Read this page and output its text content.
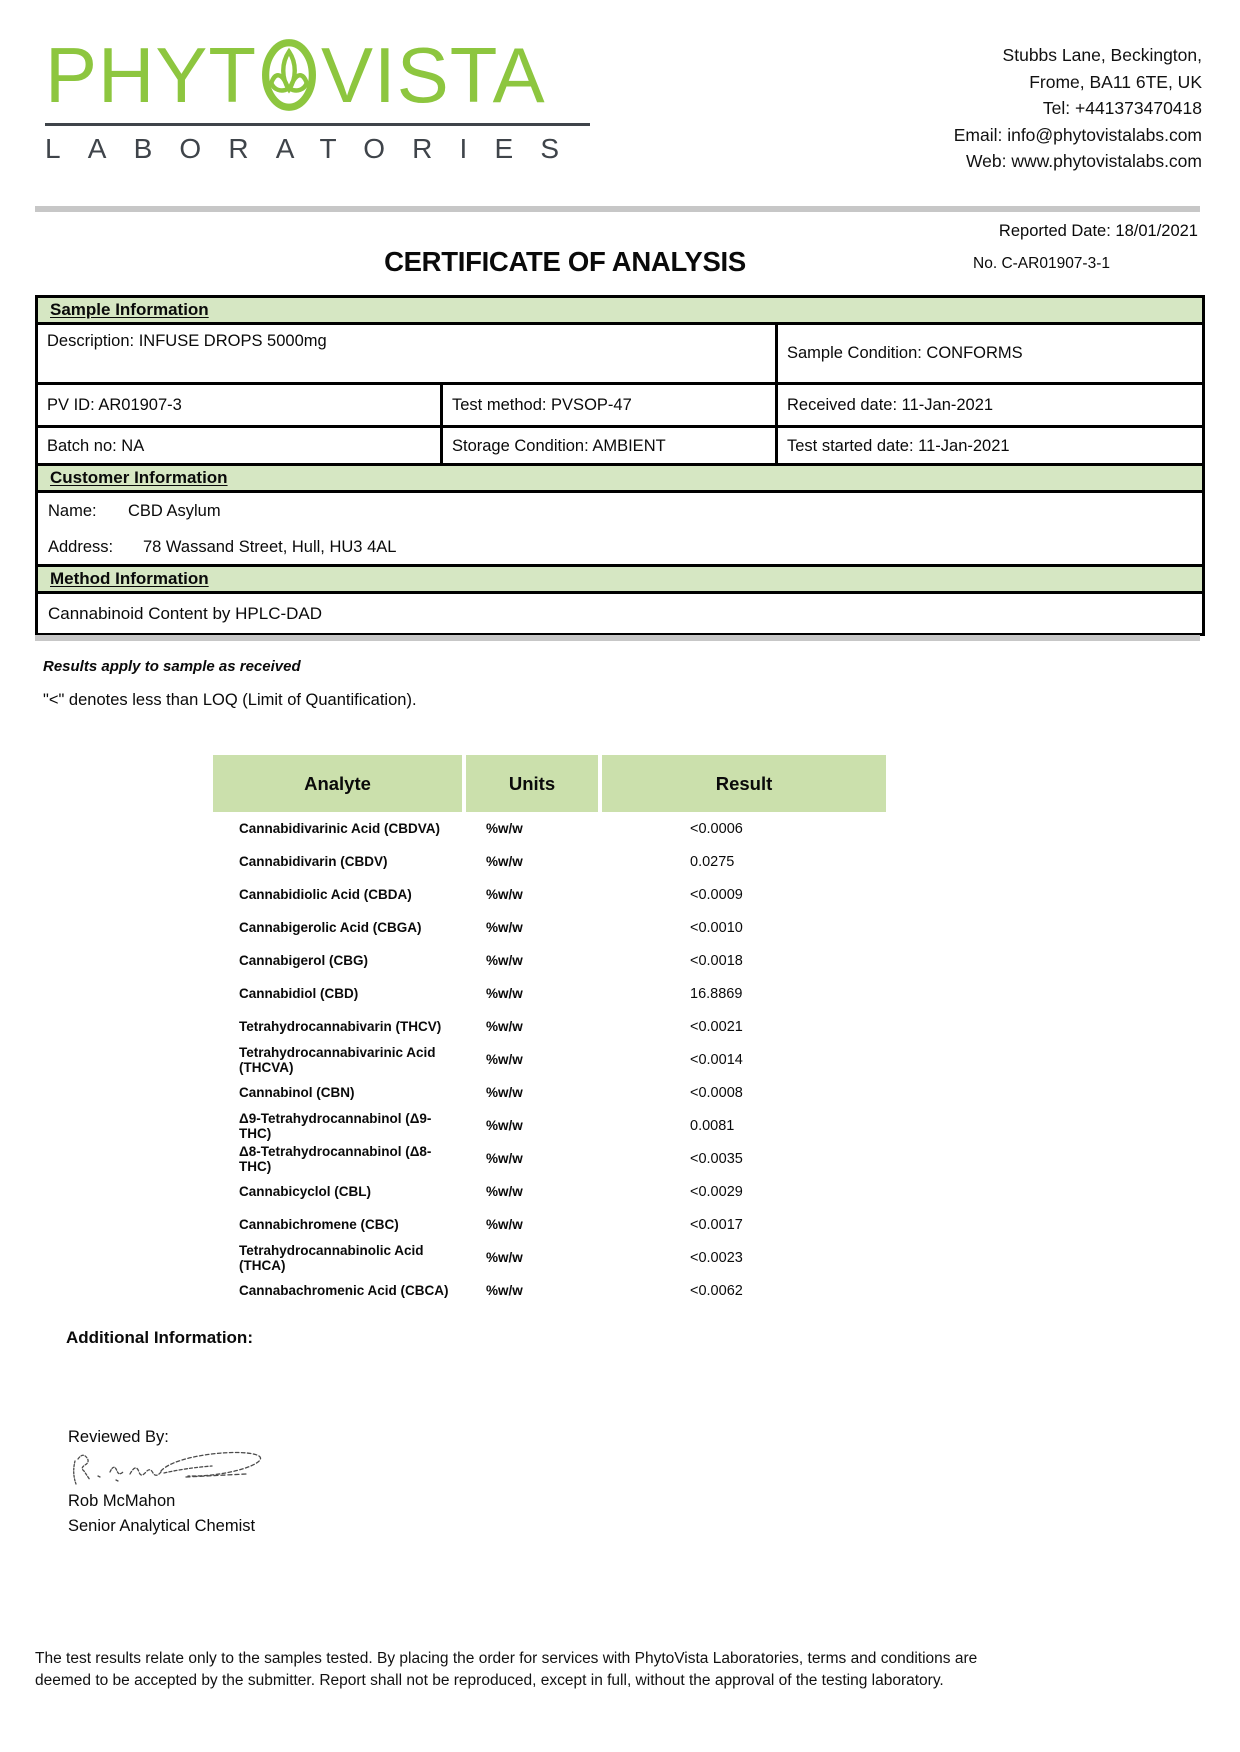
PHYT VISTA
LABORATORIES
Stubbs Lane, Beckington,
Frome, BA11 6TE, UK
Tel: +441373470418
Email: info@phytovistalabs.com
Web: www.phytovistalabs.com
Reported Date: 18/01/2021
CERTIFICATE OF ANALYSIS	No. C-AR01907-3-1
Sample Information
Description: INFUSE DROPS 5000mg
Sample Condition: CONFORMS
PV ID: AR01907-3	Test method: PVSOP-47	Received date: 11-Jan-2021
Batch no: NA	Storage Condition: AMBIENT	Test started date: 11-Jan-2021
Customer Information
Name: CBD Asylum
Address: 78 Wassand Street, Hull, HU3 4AL
Method Information
Cannabinoid Content by HPLC-DAD
Results apply to sample as received
"<" denotes less than LOQ (Limit of Quantification).
Analyte	Units	Result
Cannabidivarinic Acid (CBDVA)	%w/w	<0.0006
Cannabidivarin (CBDV)	%w/w	0.0275
Cannabidiolic Acid (CBDA)	%w/w	<0.0009
Cannabigerolic Acid (CBGA)	%w/w	<0.0010
Cannabigerol (CBG)	%w/w	<0.0018
Cannabidiol (CBD)	%w/w	16.8869
Tetrahydrocannabivarin (THCV)	%w/w	<0.0021
Tetrahydrocannabivarinic Acid (THCVA)	%w/w	<0.0014
Cannabinol (CBN)	%w/w	<0.0008
Δ9-Tetrahydrocannabinol (Δ9-THC)	%w/w	0.0081
Δ8-Tetrahydrocannabinol (Δ8-THC)	%w/w	<0.0035
Cannabicyclol (CBL)	%w/w	<0.0029
Cannabichromene (CBC)	%w/w	<0.0017
Tetrahydrocannabinolic Acid (THCA)	%w/w	<0.0023
Cannabachromenic Acid (CBCA)	%w/w	<0.0062
Additional Information:
Reviewed By:
Rob McMahon
Senior Analytical Chemist
The test results relate only to the samples tested. By placing the order for services with PhytoVista Laboratories, terms and conditions are
deemed to be accepted by the submitter. Report shall not be reproduced, except in full, without the approval of the testing laboratory.
